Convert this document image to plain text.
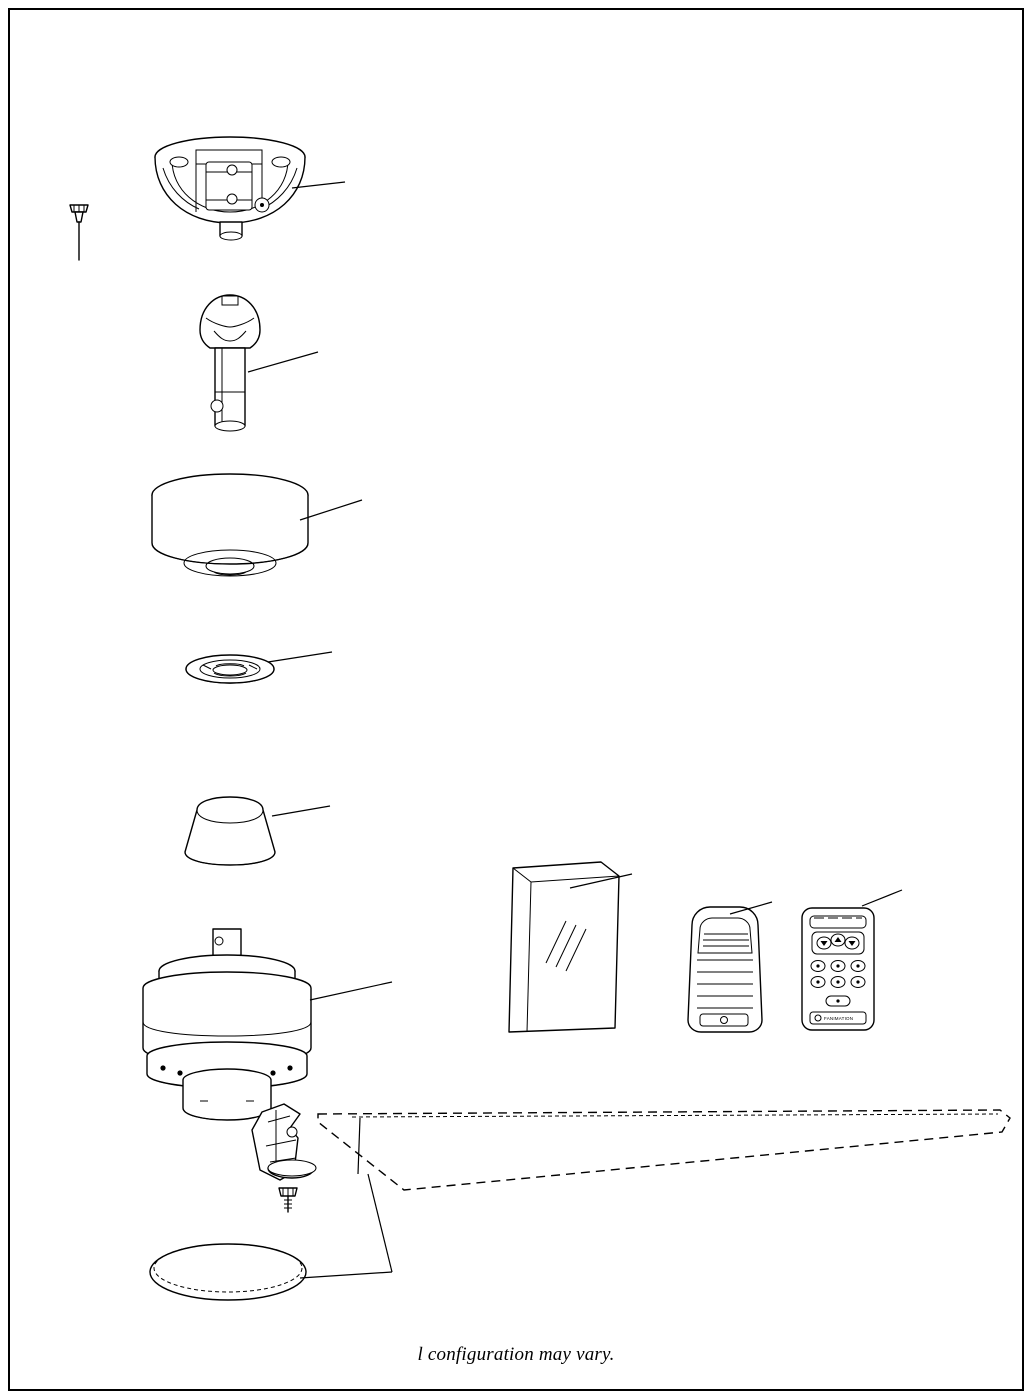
FANIMATION
l configuration may vary.
